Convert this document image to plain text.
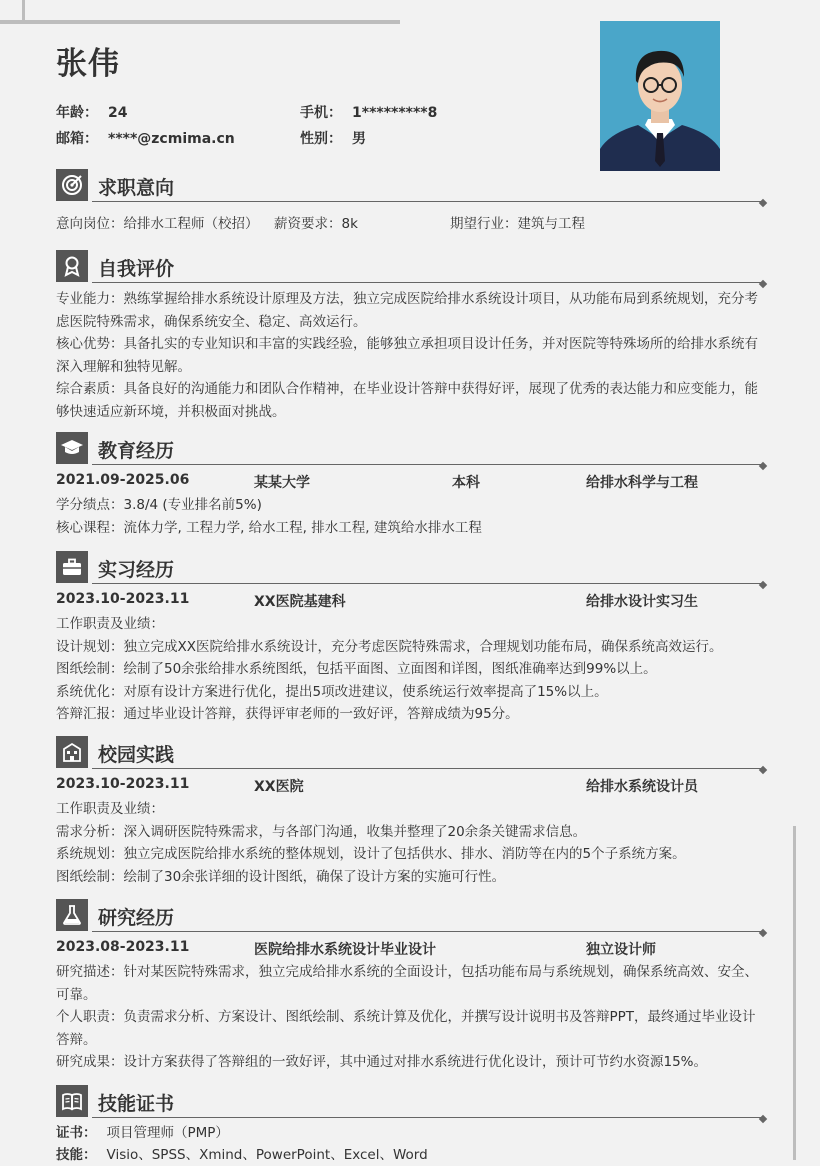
张伟
年龄： 24	手机： 1*********8
邮箱： ****@zcmima.cn	性别： 男
求职意向
意向岗位：给排水工程师（校招） 薪资要求：8k	期望行业：建筑与工程
自我评价
专业能力：熟练掌握给排水系统设计原理及方法，独立完成医院给排水系统设计项目，从功能布局到系统规划，充分考虑医院特殊需求，确保系统安全、稳定、高效运行。
核心优势：具备扎实的专业知识和丰富的实践经验，能够独立承担项目设计任务，并对医院等特殊场所的给排水系统有深入理解和独特见解。
综合素质：具备良好的沟通能力和团队合作精神，在毕业设计答辩中获得好评，展现了优秀的表达能力和应变能力，能够快速适应新环境，并积极面对挑战。
教育经历
2021.09-2025.06	某某大学	本科	给排水科学与工程
学分绩点：3.8/4 (专业排名前5%)
核心课程：流体力学, 工程力学, 给水工程, 排水工程, 建筑给水排水工程
实习经历
2023.10-2023.11	XX医院基建科	给排水设计实习生
工作职责及业绩：
设计规划：独立完成XX医院给排水系统设计，充分考虑医院特殊需求，合理规划功能布局，确保系统高效运行。
图纸绘制：绘制了50余张给排水系统图纸，包括平面图、立面图和详图，图纸准确率达到99%以上。
系统优化：对原有设计方案进行优化，提出5项改进建议，使系统运行效率提高了15%以上。
答辩汇报：通过毕业设计答辩，获得评审老师的一致好评，答辩成绩为95分。
校园实践
2023.10-2023.11	XX医院	给排水系统设计员
工作职责及业绩：
需求分析：深入调研医院特殊需求，与各部门沟通，收集并整理了20余条关键需求信息。
系统规划：独立完成医院给排水系统的整体规划，设计了包括供水、排水、消防等在内的5个子系统方案。
图纸绘制：绘制了30余张详细的设计图纸，确保了设计方案的实施可行性。
研究经历
2023.08-2023.11	医院给排水系统设计毕业设计	独立设计师
研究描述：针对某医院特殊需求，独立完成给排水系统的全面设计，包括功能布局与系统规划，确保系统高效、安全、可靠。
个人职责：负责需求分析、方案设计、图纸绘制、系统计算及优化，并撰写设计说明书及答辩PPT，最终通过毕业设计答辩。
研究成果：设计方案获得了答辩组的一致好评，其中通过对排水系统进行优化设计，预计可节约水资源15%。
技能证书
证书： 项目管理师（PMP）
技能： Visio、SPSS、Xmind、PowerPoint、Excel、Word
